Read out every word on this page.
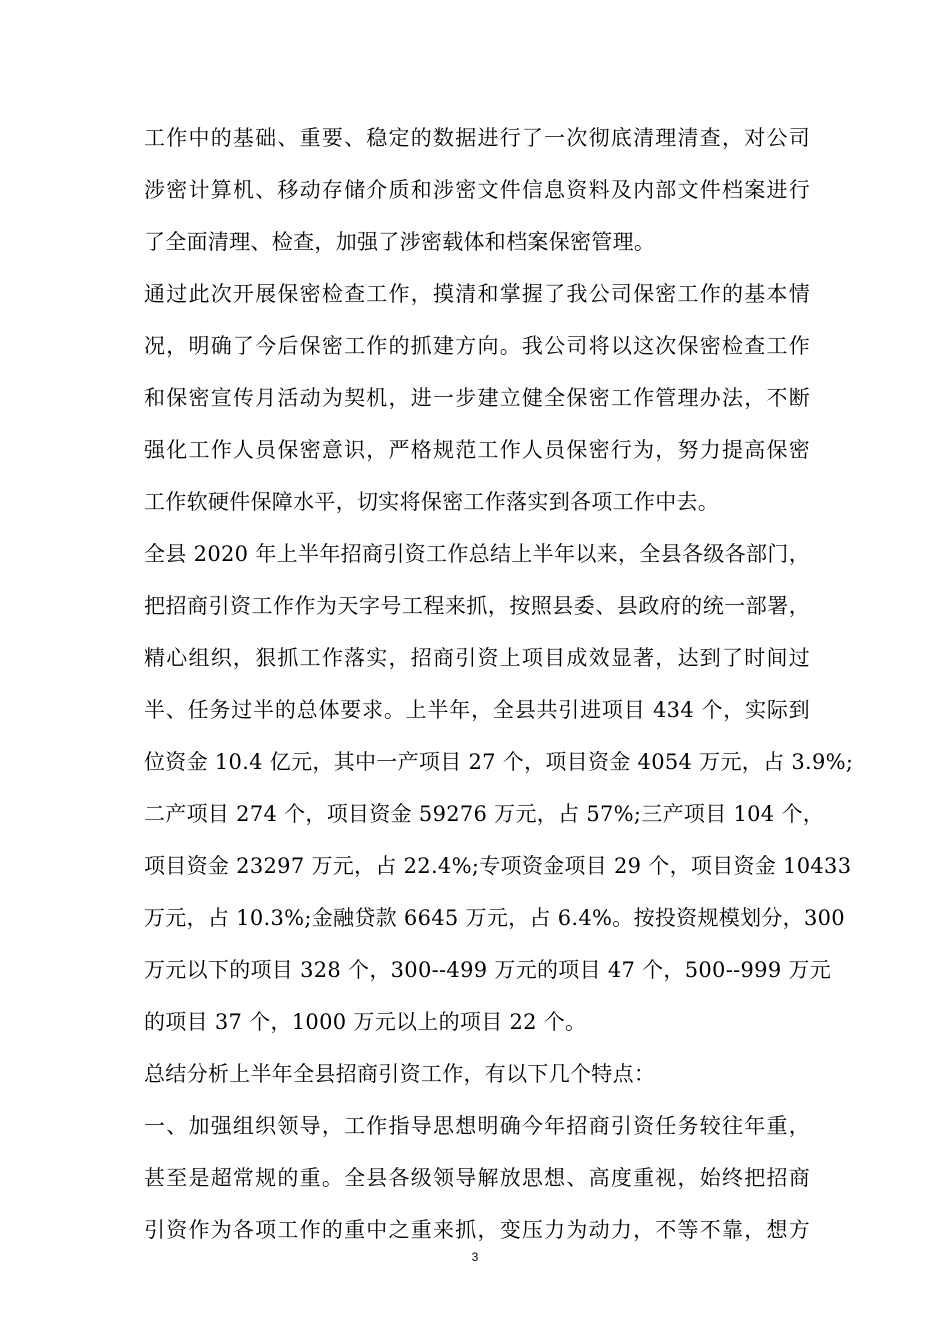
工作中的基础、重要、稳定的数据进行了一次彻底清理清查，对公司
涉密计算机、移动存储介质和涉密文件信息资料及内部文件档案进行
了全面清理、检查，加强了涉密载体和档案保密管理。
通过此次开展保密检查工作，摸清和掌握了我公司保密工作的基本情
况，明确了今后保密工作的抓建方向。我公司将以这次保密检查工作
和保密宣传月活动为契机，进一步建立健全保密工作管理办法，不断
强化工作人员保密意识，严格规范工作人员保密行为，努力提高保密
工作软硬件保障水平，切实将保密工作落实到各项工作中去。
全县 2020 年上半年招商引资工作总结上半年以来，全县各级各部门，
把招商引资工作作为天字号工程来抓，按照县委、县政府的统一部署，
精心组织，狠抓工作落实，招商引资上项目成效显著，达到了时间过
半、任务过半的总体要求。上半年，全县共引进项目 434 个，实际到
位资金 10.4 亿元，其中一产项目 27 个，项目资金 4054 万元，占 3.9%;
二产项目 274 个，项目资金 59276 万元，占 57%;三产项目 104 个，
项目资金 23297 万元，占 22.4%;专项资金项目 29 个，项目资金 10433
万元，占 10.3%;金融贷款 6645 万元，占 6.4%。按投资规模划分，300
万元以下的项目 328 个，300--499 万元的项目 47 个，500--999 万元
的项目 37 个，1000 万元以上的项目 22 个。
总结分析上半年全县招商引资工作，有以下几个特点：
一、加强组织领导，工作指导思想明确今年招商引资任务较往年重，
甚至是超常规的重。全县各级领导解放思想、高度重视，始终把招商
引资作为各项工作的重中之重来抓，变压力为动力，不等不靠，想方
3
